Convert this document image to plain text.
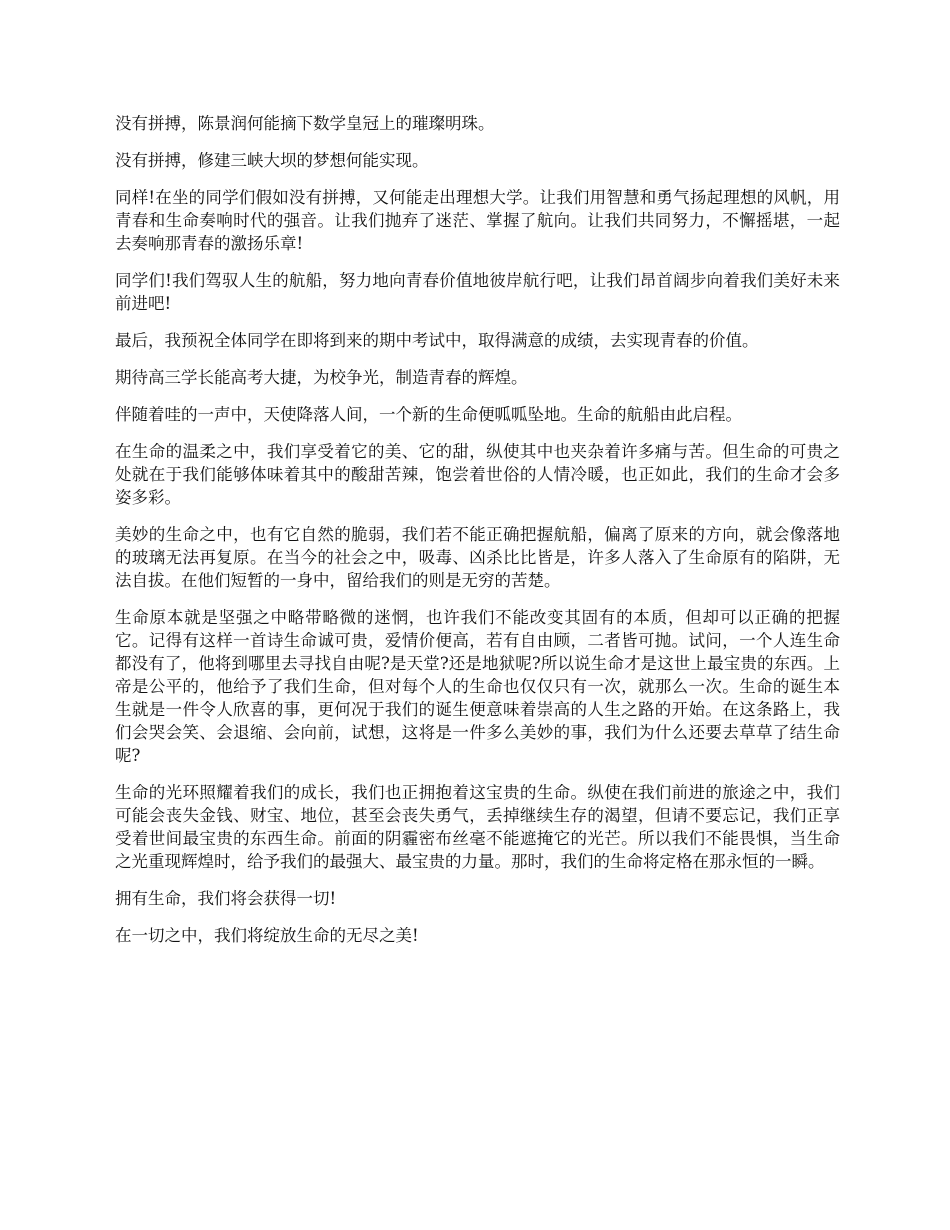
没有拼搏，陈景润何能摘下数学皇冠上的璀璨明珠。

没有拼搏，修建三峡大坝的梦想何能实现。

同样!在坐的同学们假如没有拼搏，又何能走出理想大学。让我们用智慧和勇气扬起理想的风帆，用青春和生命奏响时代的强音。让我们抛弃了迷茫、掌握了航向。让我们共同努力，不懈摇堪，一起去奏响那青春的激扬乐章!

同学们!我们驾驭人生的航船，努力地向青春价值地彼岸航行吧，让我们昂首阔步向着我们美好未来前进吧!

最后，我预祝全体同学在即将到来的期中考试中，取得满意的成绩，去实现青春的价值。

期待高三学长能高考大捷，为校争光，制造青春的辉煌。

伴随着哇的一声中，天使降落人间，一个新的生命便呱呱坠地。生命的航船由此启程。

在生命的温柔之中，我们享受着它的美、它的甜，纵使其中也夹杂着许多痛与苦。但生命的可贵之处就在于我们能够体味着其中的酸甜苦辣，饱尝着世俗的人情冷暖，也正如此，我们的生命才会多姿多彩。

美妙的生命之中，也有它自然的脆弱，我们若不能正确把握航船，偏离了原来的方向，就会像落地的玻璃无法再复原。在当今的社会之中，吸毒、凶杀比比皆是，许多人落入了生命原有的陷阱，无法自拔。在他们短暂的一身中，留给我们的则是无穷的苦楚。

生命原本就是坚强之中略带略微的迷惘，也许我们不能改变其固有的本质，但却可以正确的把握它。记得有这样一首诗生命诚可贵，爱情价便高，若有自由顾，二者皆可抛。试问，一个人连生命都没有了，他将到哪里去寻找自由呢?是天堂?还是地狱呢?所以说生命才是这世上最宝贵的东西。上帝是公平的，他给予了我们生命，但对每个人的生命也仅仅只有一次，就那么一次。生命的诞生本生就是一件令人欣喜的事，更何况于我们的诞生便意味着崇高的人生之路的开始。在这条路上，我们会哭会笑、会退缩、会向前，试想，这将是一件多么美妙的事，我们为什么还要去草草了结生命呢?

生命的光环照耀着我们的成长，我们也正拥抱着这宝贵的生命。纵使在我们前进的旅途之中，我们可能会丧失金钱、财宝、地位，甚至会丧失勇气，丢掉继续生存的渴望，但请不要忘记，我们正享受着世间最宝贵的东西生命。前面的阴霾密布丝毫不能遮掩它的光芒。所以我们不能畏惧，当生命之光重现辉煌时，给予我们的最强大、最宝贵的力量。那时，我们的生命将定格在那永恒的一瞬。

拥有生命，我们将会获得一切!

在一切之中，我们将绽放生命的无尽之美!
